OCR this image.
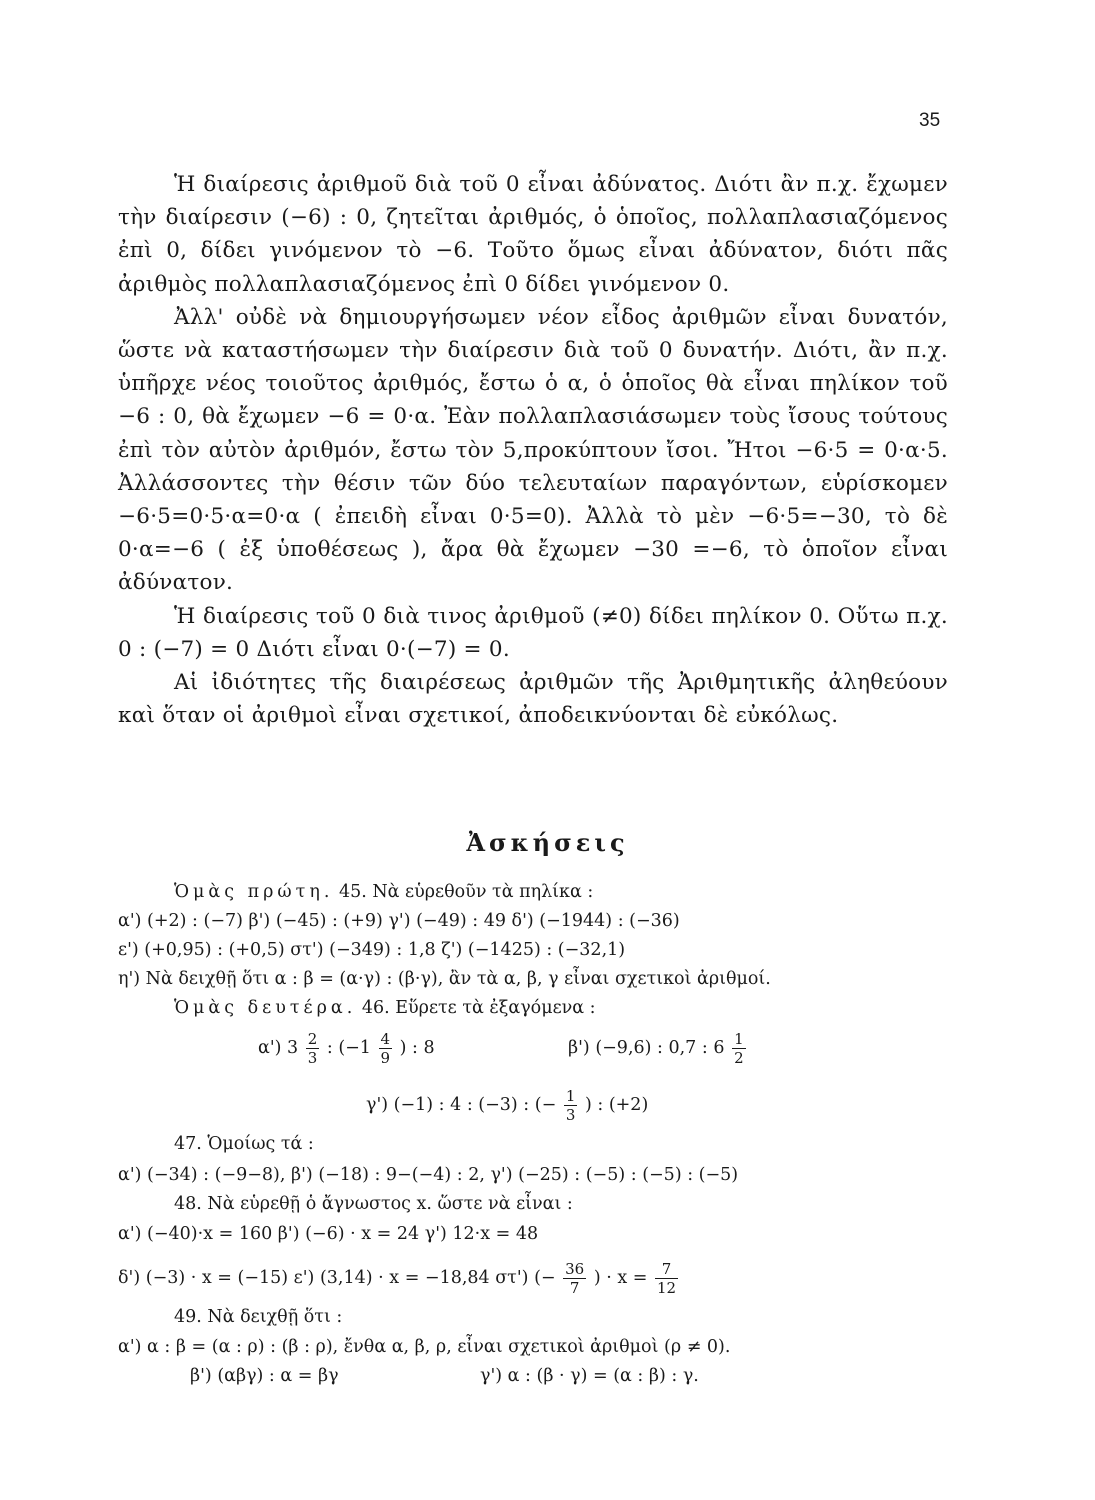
35

Ἡ διαίρεσις ἀριθμοῦ διὰ τοῦ 0 εἶναι ἀδύνατος. Διότι ἂν π.χ. ἔχωμεν τὴν διαίρεσιν (−6) : 0, ζητεῖται ἀριθμός, ὁ ὁποῖος, πολλαπλασιαζόμενος ἐπὶ 0, δίδει γινόμενον τὸ −6. Τοῦτο ὅμως εἶναι ἀδύνατον, διότι πᾶς ἀριθμὸς πολλαπλασιαζόμενος ἐπὶ 0 δίδει γινόμενον 0.

Ἀλλ' οὐδὲ νὰ δημιουργήσωμεν νέον εἶδος ἀριθμῶν εἶναι δυνατόν, ὥστε νὰ καταστήσωμεν τὴν διαίρεσιν διὰ τοῦ 0 δυνατήν. Διότι, ἂν π.χ. ὑπῆρχε νέος τοιοῦτος ἀριθμός, ἔστω ὁ α, ὁ ὁποῖος θὰ εἶναι πηλίκον τοῦ −6 : 0, θὰ ἔχωμεν −6 = 0·α. Ἐὰν πολλαπλασιάσωμεν τοὺς ἴσους τούτους ἐπὶ τὸν αὐτὸν ἀριθμόν, ἔστω τὸν 5,προκύπτουν ἴσοι. Ἤτοι −6·5 = 0·α·5. Ἀλλάσσοντες τὴν θέσιν τῶν δύο τελευταίων παραγόντων, εὑρίσκομεν −6·5=0·5·α=0·α ( ἐπειδὴ εἶναι 0·5=0). Ἀλλὰ τὸ μὲν −6·5=−30, τὸ δὲ 0·α=−6 ( ἐξ ὑποθέσεως ), ἄρα θὰ ἔχωμεν −30 =−6, τὸ ὁποῖον εἶναι ἀδύνατον.

Ἡ διαίρεσις τοῦ 0 διὰ τινος ἀριθμοῦ (≠0) δίδει πηλίκον 0. Οὕτω π.χ. 0 : (−7) = 0 Διότι εἶναι 0·(−7) = 0.

Αἱ ἰδιότητες τῆς διαιρέσεως ἀριθμῶν τῆς Ἀριθμητικῆς ἀληθεύουν καὶ ὅταν οἱ ἀριθμοὶ εἶναι σχετικοί, ἀποδεικνύονται δὲ εὐκόλως.

Ἀσκήσεις
Ὁμὰς πρώτη. 45. Νὰ εὑρεθοῦν τὰ πηλίκα :
α') (+2) : (−7) β') (−45) : (+9) γ') (−49) : 49 δ') (−1944) : (−36)
ε') (+0,95) : (+0,5) στ') (−349) : 1,8 ζ') (−1425) : (−32,1)
η') Νὰ δειχθῇ ὅτι α : β = (α·γ) : (β·γ), ἂν τὰ α, β, γ εἶναι σχετικοὶ ἀριθμοί.
Ὁμὰς δευτέρα. 46. Εὕρετε τὰ ἐξαγόμενα :
α') $3 \frac{2}{3}$ : ($-1 \frac{4}{9}$ ) : 8	β') (−9,6) : 0,7 : $6 \frac{1}{2}$
γ') (−1) : 4 : (−3) : (− $\frac{1}{3}$ ) : (+2)
47. Ὁμοίως τά :
α') (−34) : (−9−8), β') (−18) : 9−(−4) : 2, γ') (−25) : (−5) : (−5) : (−5)
48. Νὰ εὑρεθῇ ὁ ἄγνωστος x. ὥστε νὰ εἶναι :
α') (−40)·x = 160 β') (−6) · x = 24 γ') 12·x = 48
δ') (−3) · x = (−15) ε') (3,14) · x = −18,84 στ') (− $\frac{36}{7}$ ) · $x = \frac{7}{12}$
49. Νὰ δειχθῇ ὅτι :
α') α : β = (α : ρ) : (β : ρ), ἔνθα α, β, ρ, εἶναι σχετικοὶ ἀριθμοὶ (ρ ≠ 0).
β') (αβγ) : α = βγ	γ') α : (β · γ) = (α : β) : γ.
